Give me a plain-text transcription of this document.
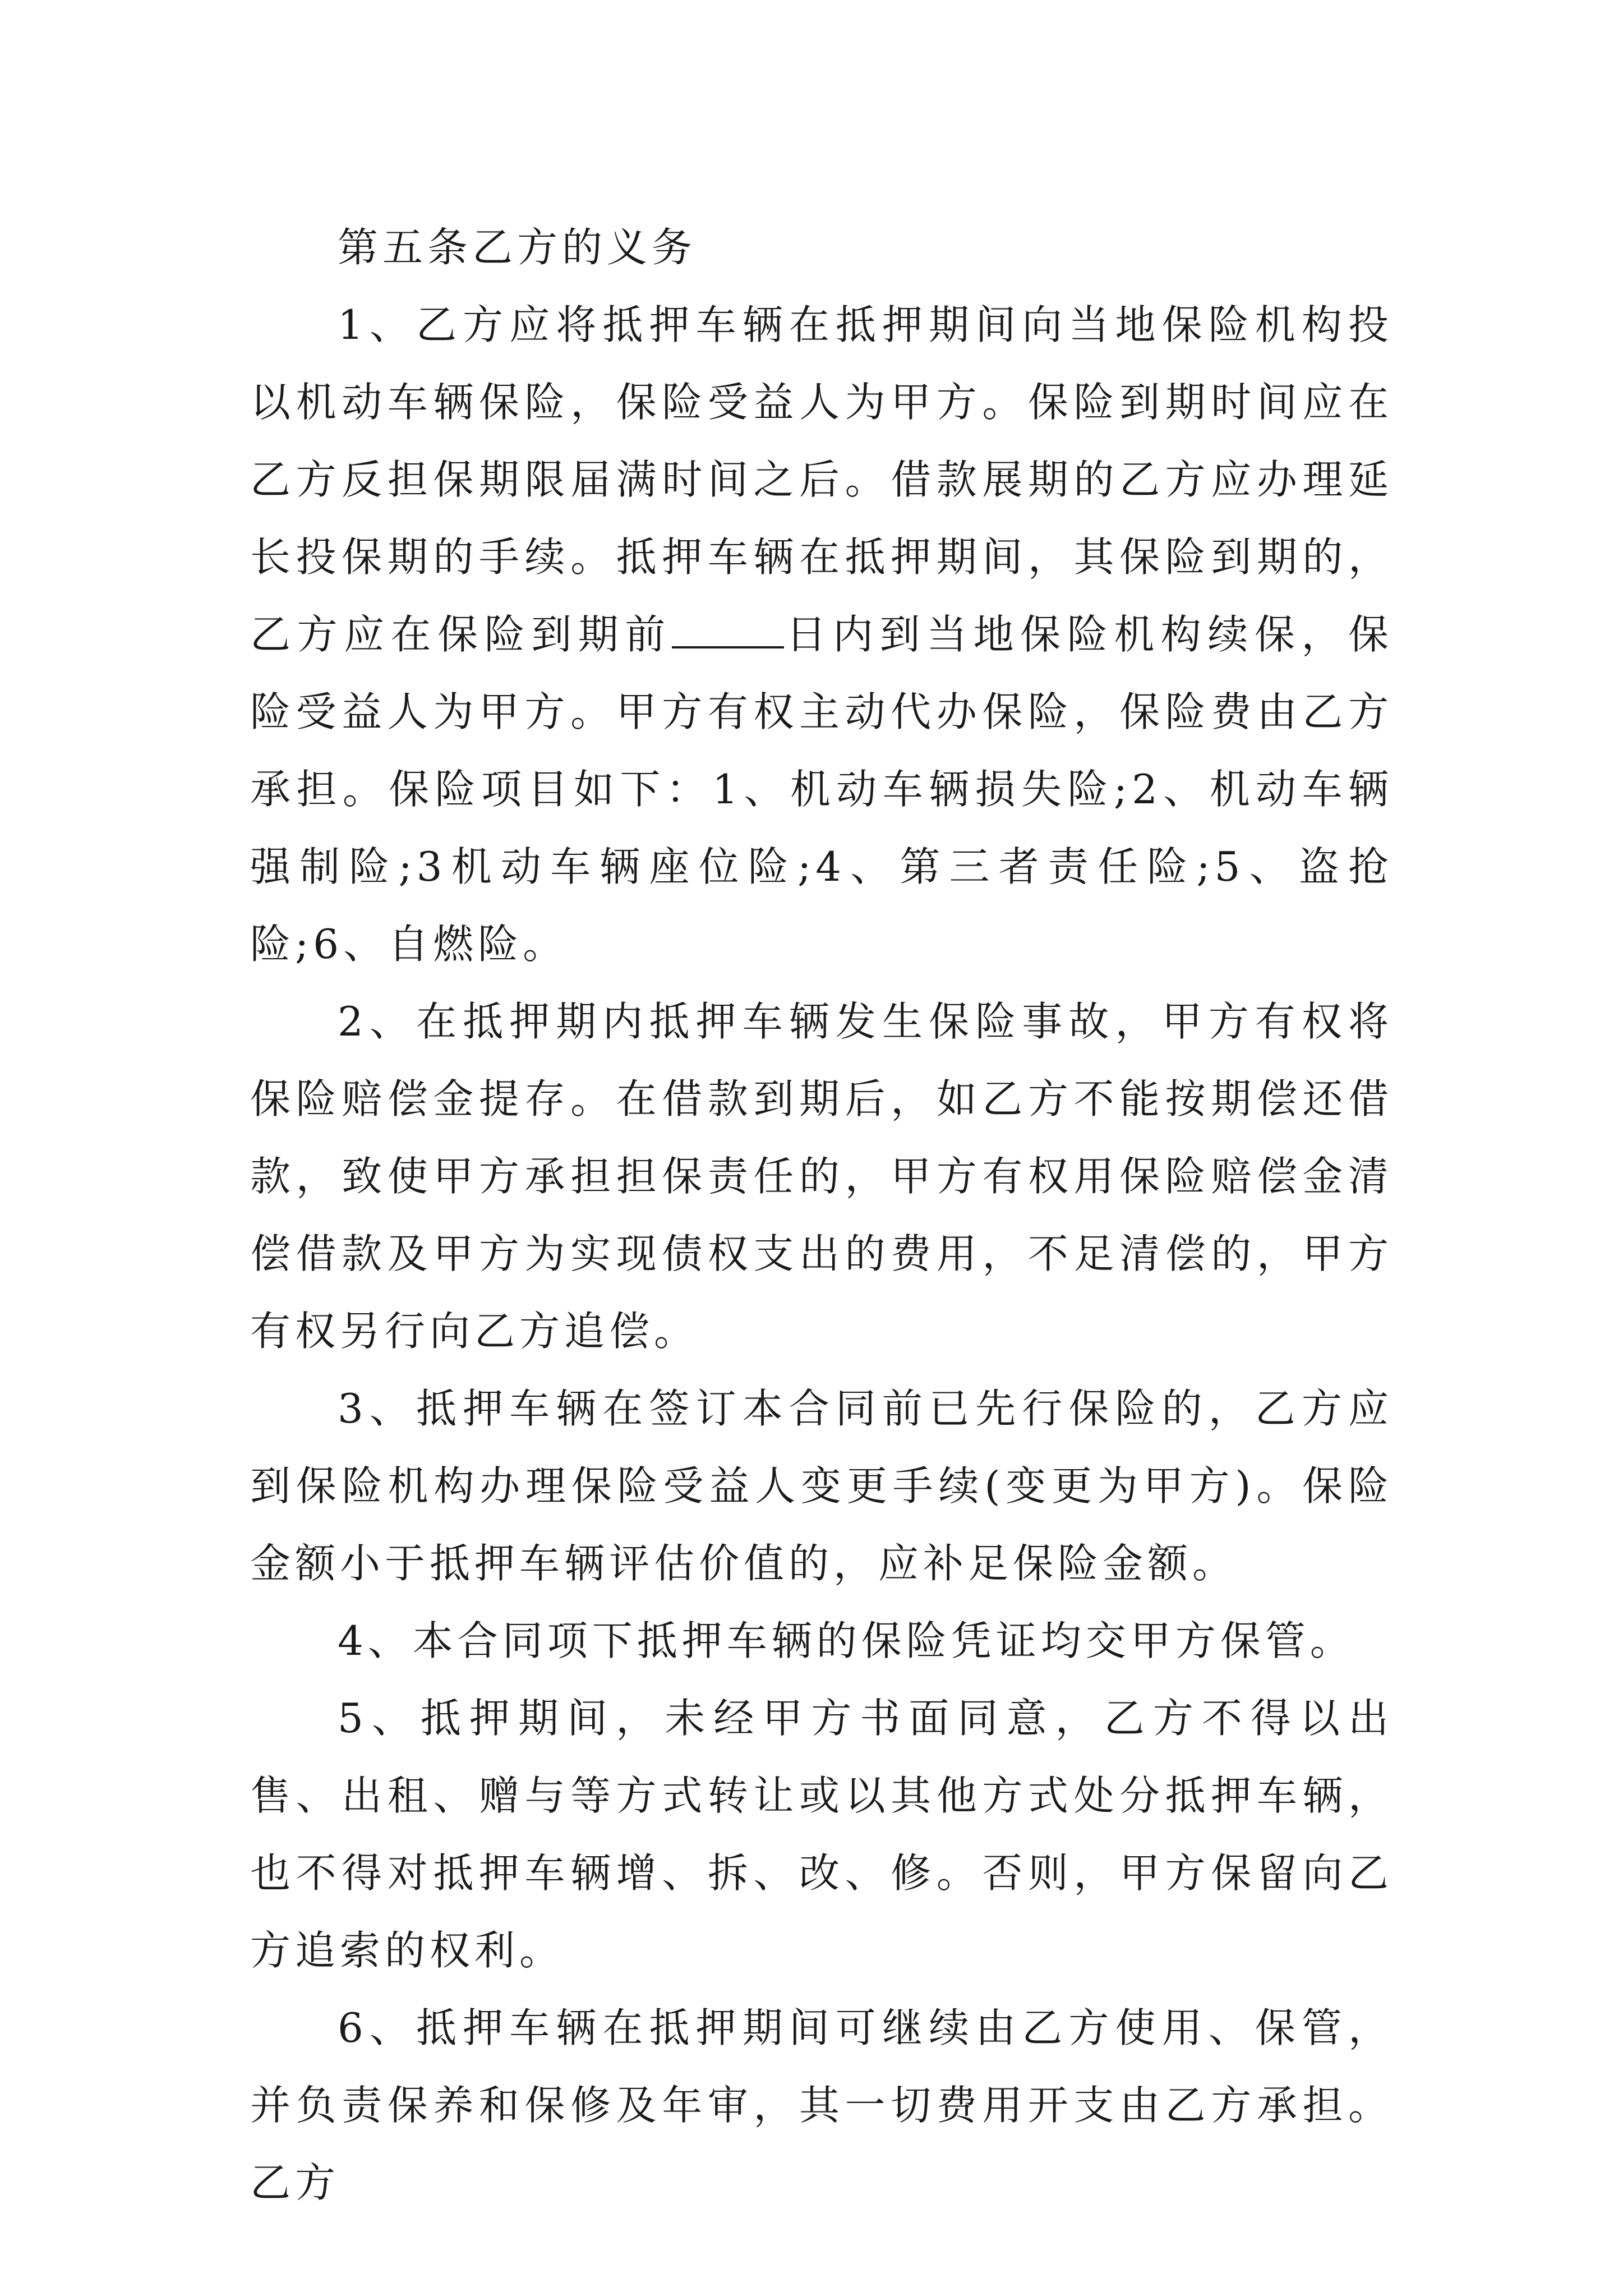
第五条乙方的义务

1、乙方应将抵押车辆在抵押期间向当地保险机构投以机动车辆保险，保险受益人为甲方。保险到期时间应在乙方反担保期限届满时间之后。借款展期的乙方应办理延长投保期的手续。抵押车辆在抵押期间，其保险到期的，乙方应在保险到期前	日内到当地保险机构续保，保险受益人为甲方。甲方有权主动代办保险，保险费由乙方承担。保险项目如下：1、机动车辆损失险;2、机动车辆强制险;3机动车辆座位险;4、第三者责任险;5、盗抢险;6、自燃险。

2、在抵押期内抵押车辆发生保险事故，甲方有权将保险赔偿金提存。在借款到期后，如乙方不能按期偿还借款，致使甲方承担担保责任的，甲方有权用保险赔偿金清偿借款及甲方为实现债权支出的费用，不足清偿的，甲方有权另行向乙方追偿。

3、抵押车辆在签订本合同前已先行保险的，乙方应到保险机构办理保险受益人变更手续(变更为甲方)。保险金额小于抵押车辆评估价值的，应补足保险金额。

4、本合同项下抵押车辆的保险凭证均交甲方保管。

5、抵押期间，未经甲方书面同意，乙方不得以出售、出租、赠与等方式转让或以其他方式处分抵押车辆，也不得对抵押车辆增、拆、改、修。否则，甲方保留向乙方追索的权利。

6、抵押车辆在抵押期间可继续由乙方使用、保管，并负责保养和保修及年审，其一切费用开支由乙方承担。乙方
